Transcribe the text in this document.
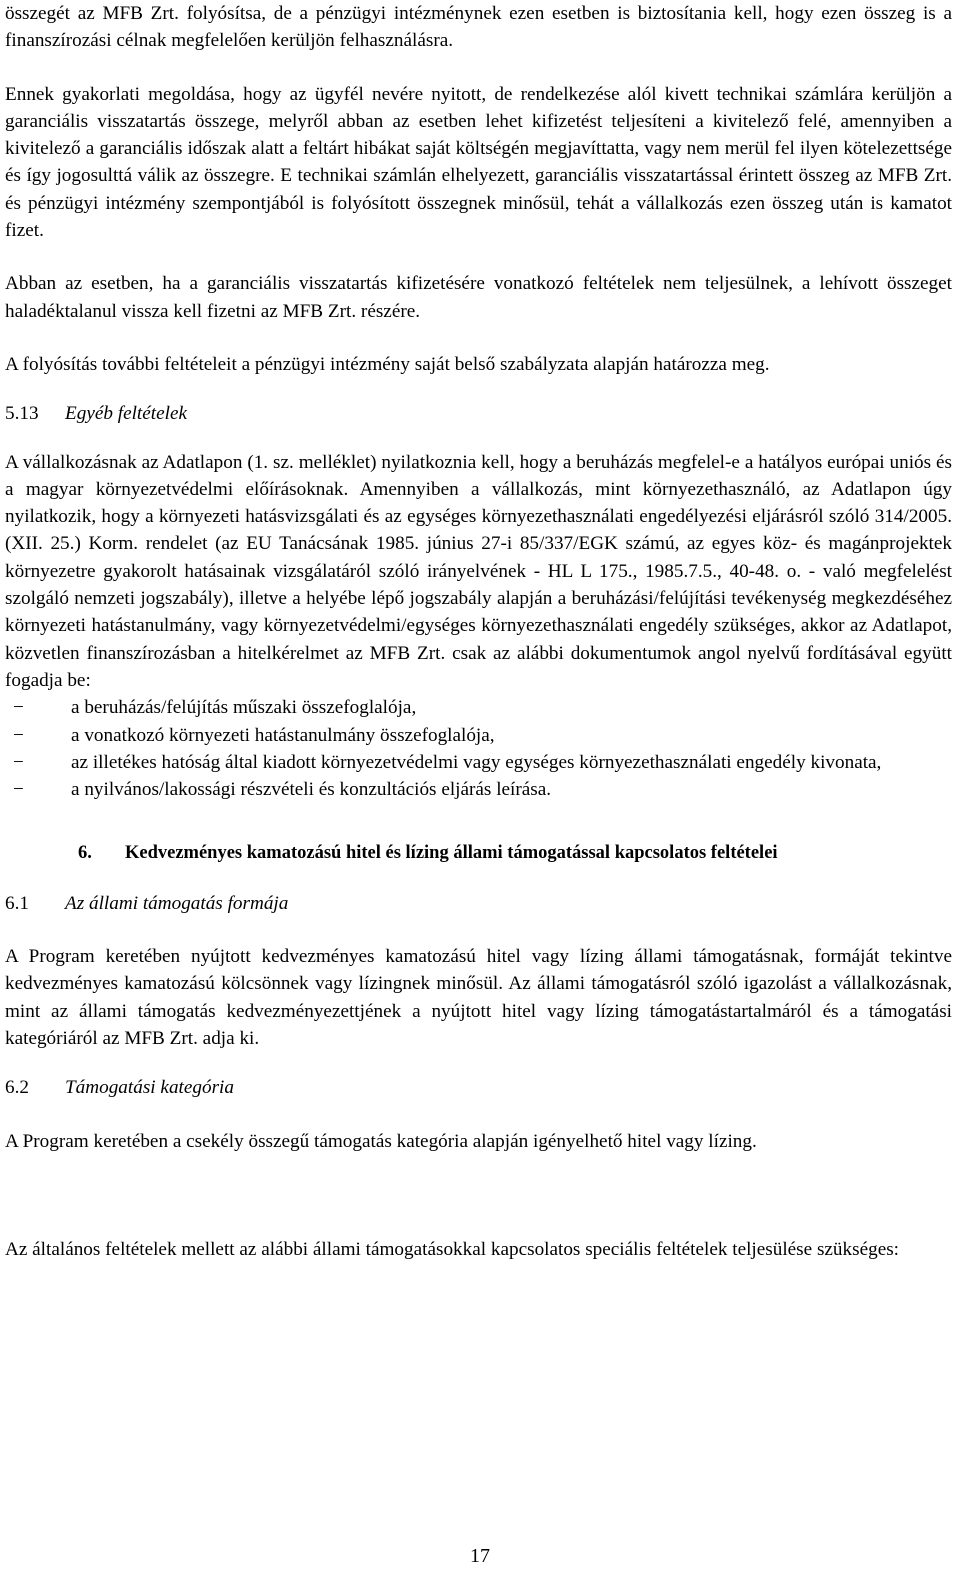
összegét az MFB Zrt. folyósítsa, de a pénzügyi intézménynek ezen esetben is biztosítania kell, hogy ezen összeg is a finanszírozási célnak megfelelően kerüljön felhasználásra.

Ennek gyakorlati megoldása, hogy az ügyfél nevére nyitott, de rendelkezése alól kivett technikai számlára kerüljön a garanciális visszatartás összege, melyről abban az esetben lehet kifizetést teljesíteni a kivitelező felé, amennyiben a kivitelező a garanciális időszak alatt a feltárt hibákat saját költségén megjavíttatta, vagy nem merül fel ilyen kötelezettsége és így jogosulttá válik az összegre. E technikai számlán elhelyezett, garanciális visszatartással érintett összeg az MFB Zrt. és pénzügyi intézmény szempontjából is folyósított összegnek minősül, tehát a vállalkozás ezen összeg után is kamatot fizet.

Abban az esetben, ha a garanciális visszatartás kifizetésére vonatkozó feltételek nem teljesülnek, a lehívott összeget haladéktalanul vissza kell fizetni az MFB Zrt. részére.

A folyósítás további feltételeit a pénzügyi intézmény saját belső szabályzata alapján határozza meg.

5.13 Egyéb feltételek

A vállalkozásnak az Adatlapon (1. sz. melléklet) nyilatkoznia kell, hogy a beruházás megfelel-e a hatályos európai uniós és a magyar környezetvédelmi előírásoknak. Amennyiben a vállalkozás, mint környezethasználó, az Adatlapon úgy nyilatkozik, hogy a környezeti hatásvizsgálati és az egységes környezethasználati engedélyezési eljárásról szóló 314/2005. (XII. 25.) Korm. rendelet (az EU Tanácsának 1985. június 27-i 85/337/EGK számú, az egyes köz- és magánprojektek környezetre gyakorolt hatásainak vizsgálatáról szóló irányelvének - HL L 175., 1985.7.5., 40-48. o. - való megfelelést szolgáló nemzeti jogszabály), illetve a helyébe lépő jogszabály alapján a beruházási/felújítási tevékenység megkezdéséhez környezeti hatástanulmány, vagy környezetvédelmi/egységes környezethasználati engedély szükséges, akkor az Adatlapot, közvetlen finanszírozásban a hitelkérelmet az MFB Zrt. csak az alábbi dokumentumok angol nyelvű fordításával együtt fogadja be:

− a beruházás/felújítás műszaki összefoglalója,
− a vonatkozó környezeti hatástanulmány összefoglalója,
− az illetékes hatóság által kiadott környezetvédelmi vagy egységes környezethasználati engedély kivonata,
− a nyilvános/lakossági részvételi és konzultációs eljárás leírása.
6. Kedvezményes kamatozású hitel és lízing állami támogatással kapcsolatos feltételei
6.1 Az állami támogatás formája

A Program keretében nyújtott kedvezményes kamatozású hitel vagy lízing állami támogatásnak, formáját tekintve kedvezményes kamatozású kölcsönnek vagy lízingnek minősül. Az állami támogatásról szóló igazolást a vállalkozásnak, mint az állami támogatás kedvezményezettjének a nyújtott hitel vagy lízing támogatástartalmáról és a támogatási kategóriáról az MFB Zrt. adja ki.

6.2 Támogatási kategória

A Program keretében a csekély összegű támogatás kategória alapján igényelhető hitel vagy lízing.

Az általános feltételek mellett az alábbi állami támogatásokkal kapcsolatos speciális feltételek teljesülése szükséges:

17
